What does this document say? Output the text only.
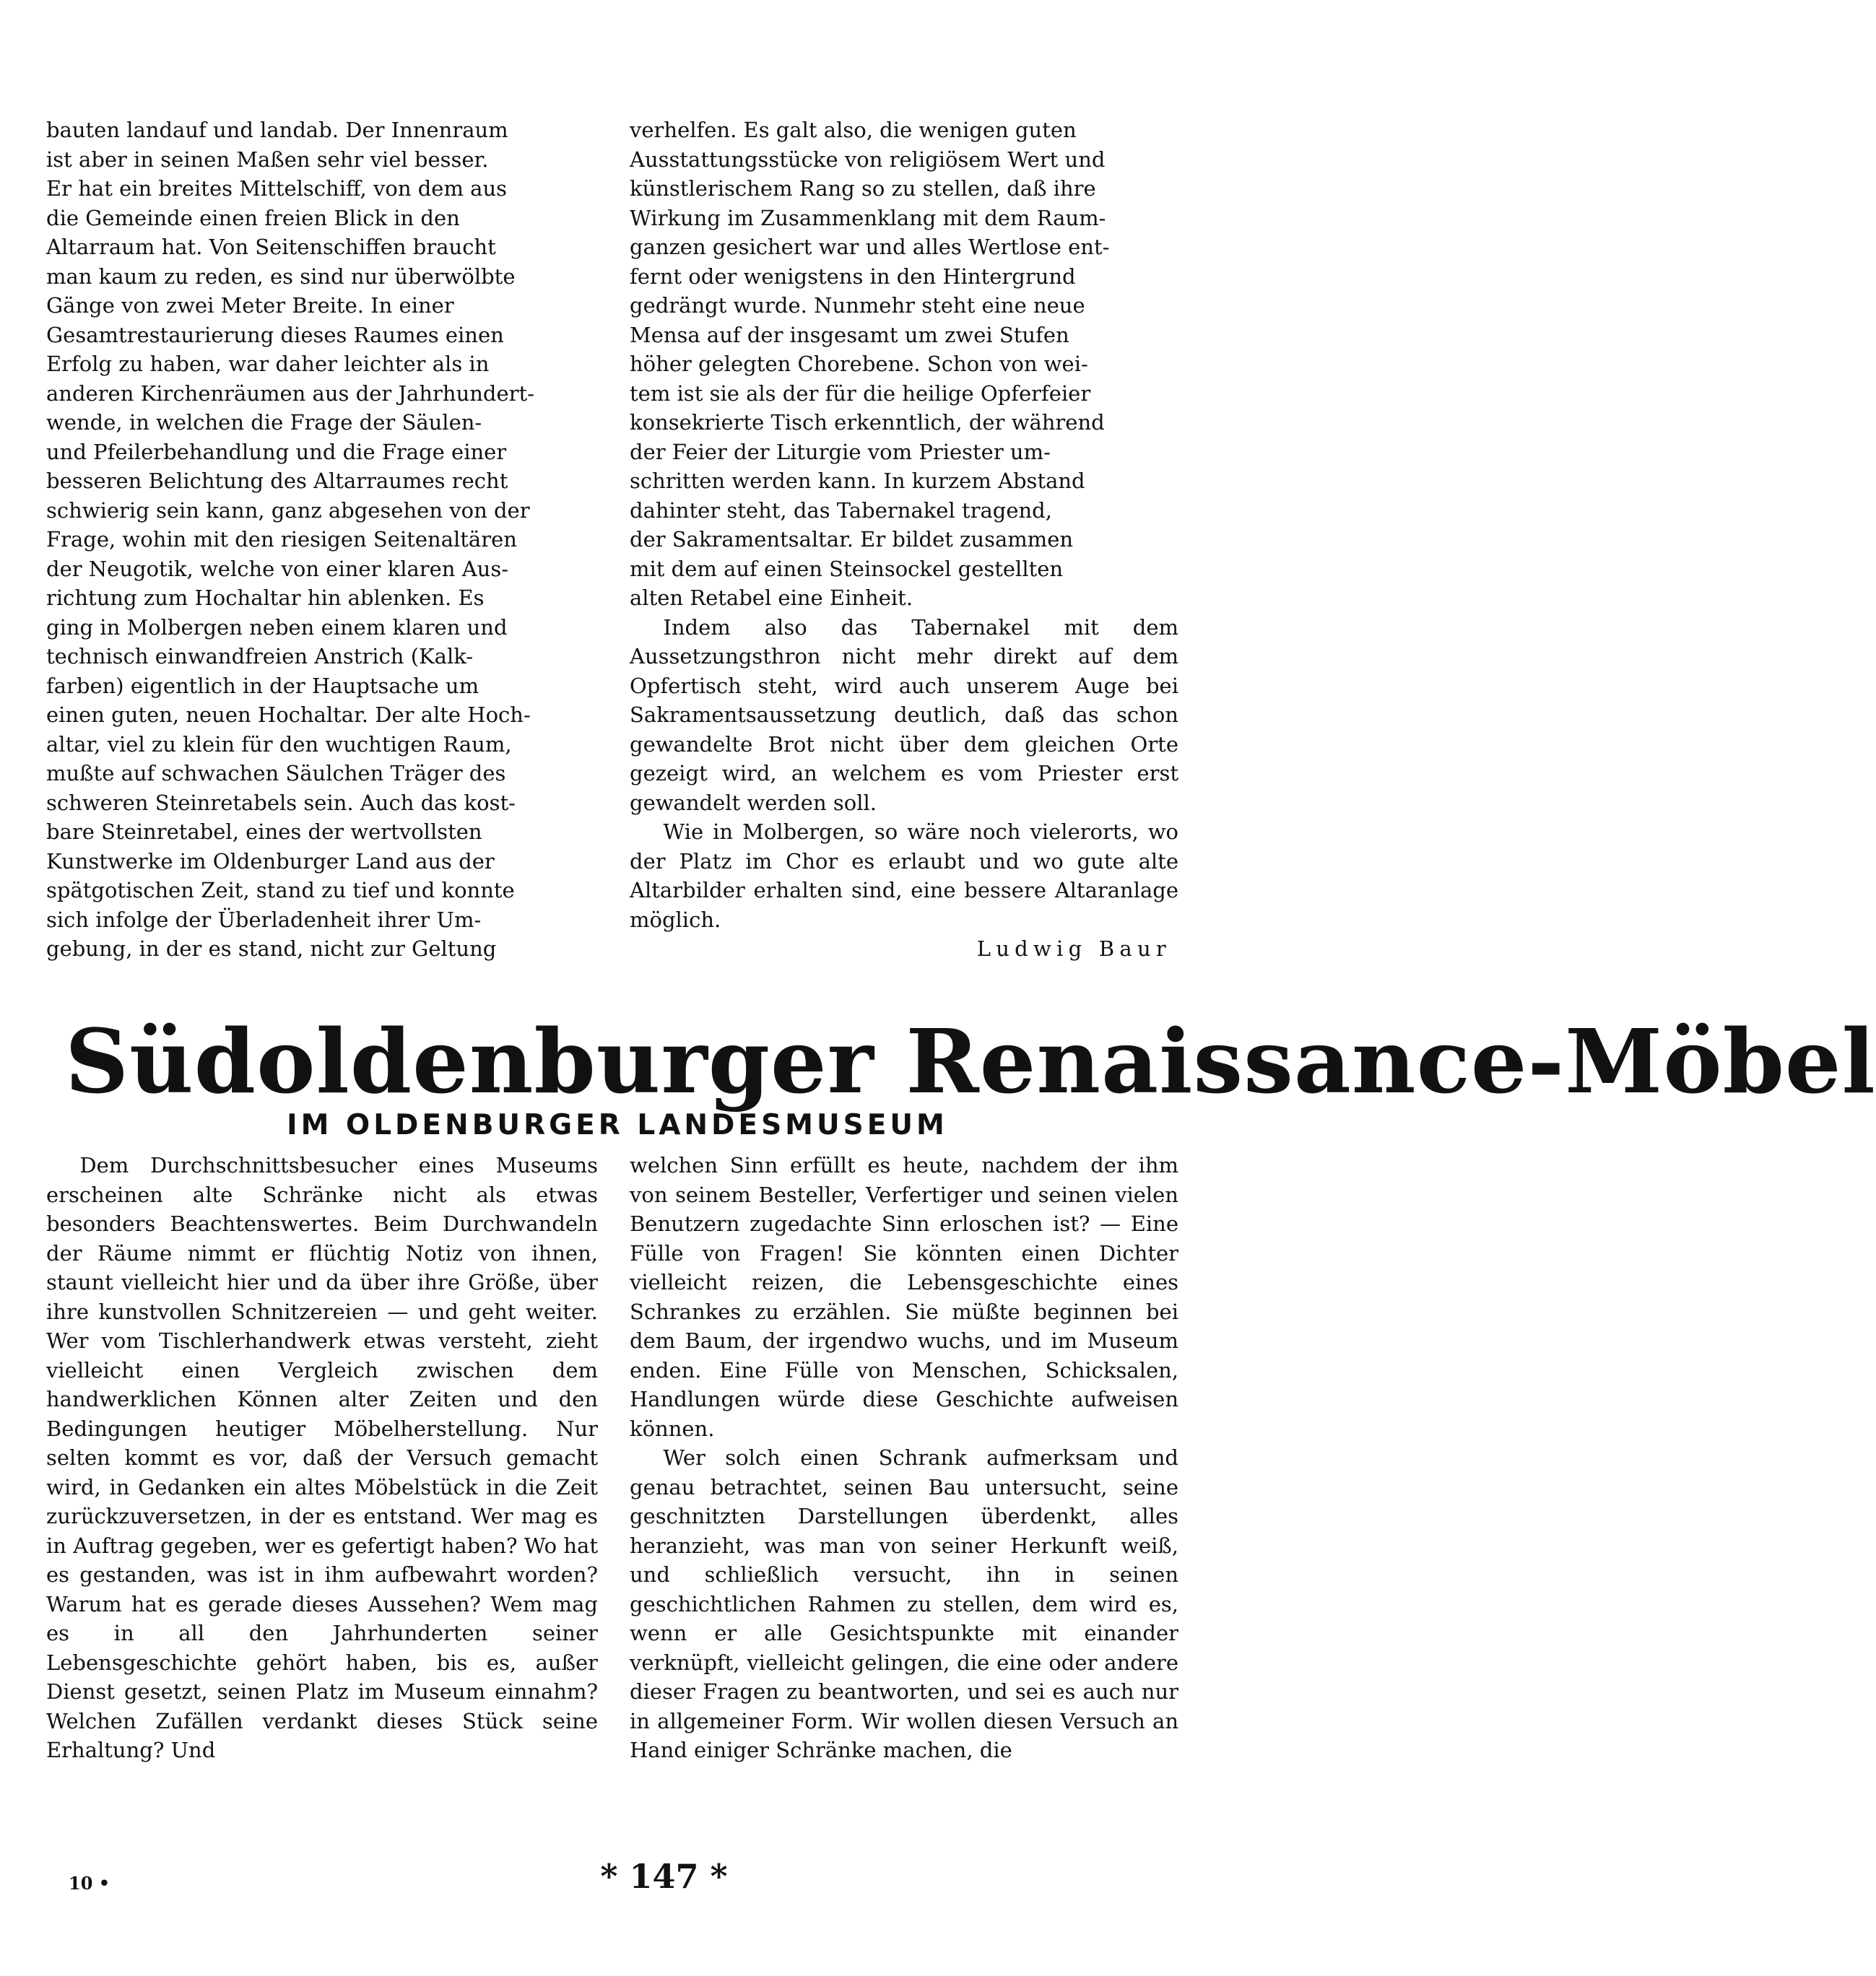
bauten landauf und landab. Der Innenraum
ist aber in seinen Maßen sehr viel besser.
Er hat ein breites Mittelschiff, von dem aus
die Gemeinde einen freien Blick in den
Altarraum hat. Von Seitenschiffen braucht
man kaum zu reden, es sind nur überwölbte
Gänge von zwei Meter Breite. In einer
Gesamtrestaurierung dieses Raumes einen
Erfolg zu haben, war daher leichter als in
anderen Kirchenräumen aus der Jahrhundert-
wende, in welchen die Frage der Säulen-
und Pfeilerbehandlung und die Frage einer
besseren Belichtung des Altarraumes recht
schwierig sein kann, ganz abgesehen von der
Frage, wohin mit den riesigen Seitenaltären
der Neugotik, welche von einer klaren Aus-
richtung zum Hochaltar hin ablenken. Es
ging in Molbergen neben einem klaren und
technisch einwandfreien Anstrich (Kalk-
farben) eigentlich in der Hauptsache um
einen guten, neuen Hochaltar. Der alte Hoch-
altar, viel zu klein für den wuchtigen Raum,
mußte auf schwachen Säulchen Träger des
schweren Steinretabels sein. Auch das kost-
bare Steinretabel, eines der wertvollsten
Kunstwerke im Oldenburger Land aus der
spätgotischen Zeit, stand zu tief und konnte
sich infolge der Überladenheit ihrer Um-
gebung, in der es stand, nicht zur Geltung

verhelfen. Es galt also, die wenigen guten
Ausstattungsstücke von religiösem Wert und
künstlerischem Rang so zu stellen, daß ihre
Wirkung im Zusammenklang mit dem Raum-
ganzen gesichert war und alles Wertlose ent-
fernt oder wenigstens in den Hintergrund
gedrängt wurde. Nunmehr steht eine neue
Mensa auf der insgesamt um zwei Stufen
höher gelegten Chorebene. Schon von wei-
tem ist sie als der für die heilige Opferfeier
konsekrierte Tisch erkenntlich, der während
der Feier der Liturgie vom Priester um-
schritten werden kann. In kurzem Abstand
dahinter steht, das Tabernakel tragend,
der Sakramentsaltar. Er bildet zusammen
mit dem auf einen Steinsockel gestellten
alten Retabel eine Einheit.

Indem also das Tabernakel mit dem Aussetzungsthron nicht mehr direkt auf dem Opfertisch steht, wird auch unserem Auge bei Sakramentsaussetzung deutlich, daß das schon gewandelte Brot nicht über dem gleichen Orte gezeigt wird, an welchem es vom Priester erst gewandelt werden soll.

Wie in Molbergen, so wäre noch vielerorts, wo der Platz im Chor es erlaubt und wo gute alte Altarbilder erhalten sind, eine bessere Altaranlage möglich.

Ludwig Baur
Südoldenburger Renaissance-Möbel
IM OLDENBURGER LANDESMUSEUM

Dem Durchschnittsbesucher eines Museums erscheinen alte Schränke nicht als etwas besonders Beachtenswertes. Beim Durchwandeln der Räume nimmt er flüchtig Notiz von ihnen, staunt vielleicht hier und da über ihre Größe, über ihre kunstvollen Schnitzereien — und geht weiter. Wer vom Tischlerhandwerk etwas versteht, zieht vielleicht einen Vergleich zwischen dem handwerklichen Können alter Zeiten und den Bedingungen heutiger Möbelherstellung. Nur selten kommt es vor, daß der Versuch gemacht wird, in Gedanken ein altes Möbelstück in die Zeit zurückzuversetzen, in der es entstand. Wer mag es in Auftrag gegeben, wer es gefertigt haben? Wo hat es gestanden, was ist in ihm aufbewahrt worden? Warum hat es gerade dieses Aussehen? Wem mag es in all den Jahrhunderten seiner Lebensgeschichte gehört haben, bis es, außer Dienst gesetzt, seinen Platz im Museum einnahm? Welchen Zufällen verdankt dieses Stück seine Erhaltung? Und

welchen Sinn erfüllt es heute, nachdem der ihm von seinem Besteller, Verfertiger und seinen vielen Benutzern zugedachte Sinn erloschen ist? — Eine Fülle von Fragen! Sie könnten einen Dichter vielleicht reizen, die Lebensgeschichte eines Schrankes zu erzählen. Sie müßte beginnen bei dem Baum, der irgendwo wuchs, und im Museum enden. Eine Fülle von Menschen, Schicksalen, Handlungen würde diese Geschichte aufweisen können.

Wer solch einen Schrank aufmerksam und genau betrachtet, seinen Bau untersucht, seine geschnitzten Darstellungen überdenkt, alles heranzieht, was man von seiner Herkunft weiß, und schließlich versucht, ihn in seinen geschichtlichen Rahmen zu stellen, dem wird es, wenn er alle Gesichtspunkte mit einander verknüpft, vielleicht gelingen, die eine oder andere dieser Fragen zu beantworten, und sei es auch nur in allgemeiner Form. Wir wollen diesen Versuch an Hand einiger Schränke machen, die

10 •	* 147 *
